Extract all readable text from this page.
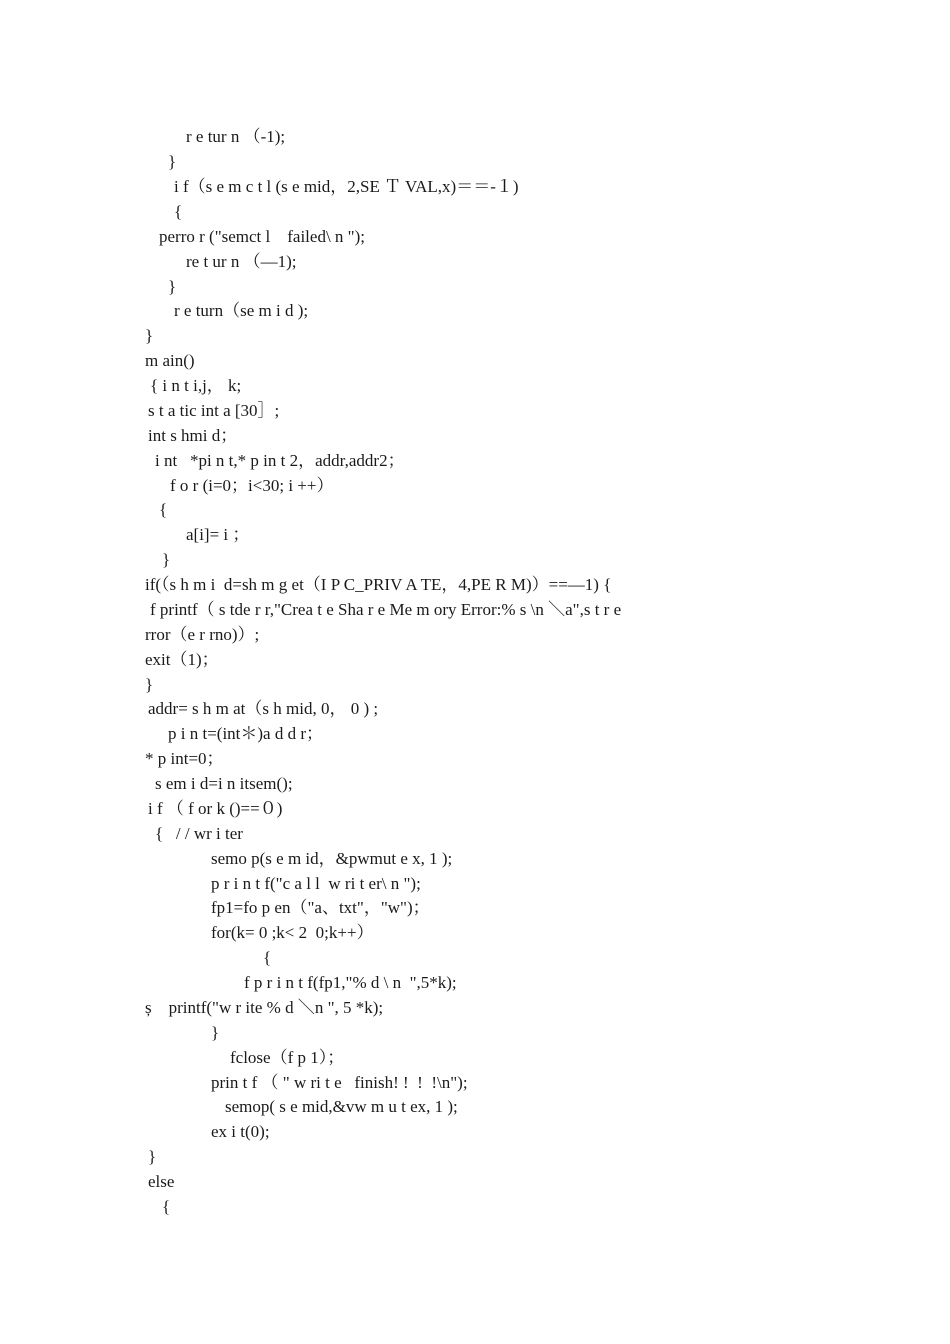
r e tur n （-1);
}
i f（s e m c t l (s e mid，2,SE Ｔ VAL,x)＝＝-１)
{
perro r ("semct l    failed\ n ");
re t ur n （—1);
}
r e turn（se m i d );
}
m ain()
{ i n t i,j， k;
s t a tic int a [30］;
int s hmi d；
i nt   *pi n t,* p in t 2，addr,addr2；
f o r (i=0；i<30; i ++）
{
a[i]= i ；
}
if(（s h m i  d=sh m g et（I P C_PRIV A TE，4,PE R M)）==—1) {
f printf（ s tde r r,"Crea t e Sha r e Me m ory Error:% s \n ＼a",s t r e
rror（e r rno)）;
exit（1)；
}
addr= s h m at（s h mid, 0， 0 ) ;
p i n t=(int＊)a d d r；
* p int=0；
s em i d=i n itsem();
i f （ f or k ()==０)
{   / / wr i ter
semo p(s e m id，&pwmut e x, 1 );
p r i n t f("c a l l  w ri t er\ n ");
fp1=fo p en（"a、txt"，"w")；
for(k= 0 ;k< 2  0;k++）
{
f p r i n t f(fp1,"% d \ n  ",5*k);
ș    printf("w r ite % d ＼n ", 5 *k);
}
fclose（f p 1）；
prin t f （ " w ri t e   finish! !  !  !\n");
semop( s e mid,&vw m u t ex, 1 );
ex i t(0);
}
else
{
